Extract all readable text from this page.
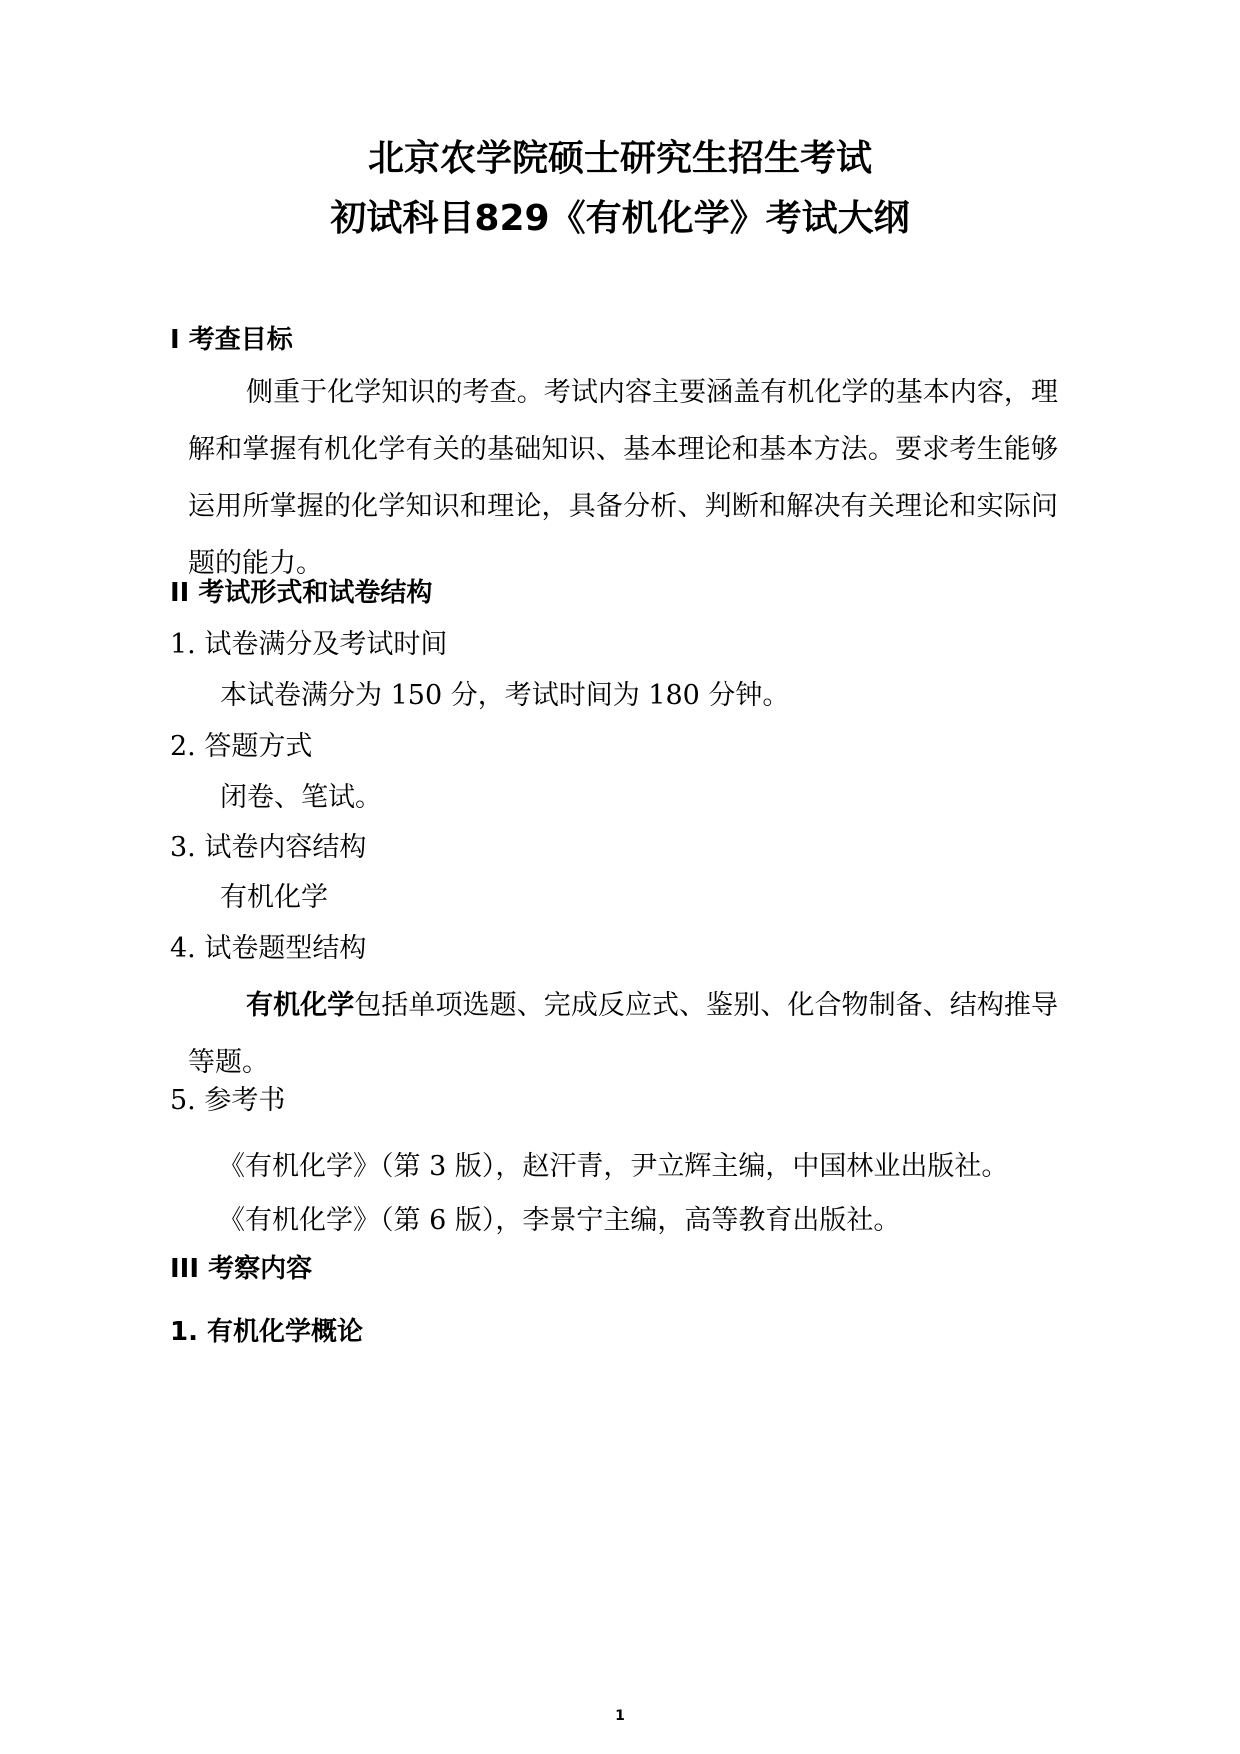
北京农学院硕士研究生招生考试
初试科目829《有机化学》考试大纲
I 考查目标
侧重于化学知识的考查。考试内容主要涵盖有机化学的基本内容，理解和掌握有机化学有关的基础知识、基本理论和基本方法。要求考生能够运用所掌握的化学知识和理论，具备分析、判断和解决有关理论和实际问题的能力。
II 考试形式和试卷结构
1. 试卷满分及考试时间
本试卷满分为 150 分，考试时间为 180 分钟。
2. 答题方式
闭卷、笔试。
3. 试卷内容结构
有机化学
4. 试卷题型结构
有机化学包括单项选题、完成反应式、鉴别、化合物制备、结构推导等题。
5. 参考书
《有机化学》（第 3 版），赵汗青，尹立辉主编，中国林业出版社。
《有机化学》（第 6 版），李景宁主编，高等教育出版社。
III 考察内容
1. 有机化学概论
1
